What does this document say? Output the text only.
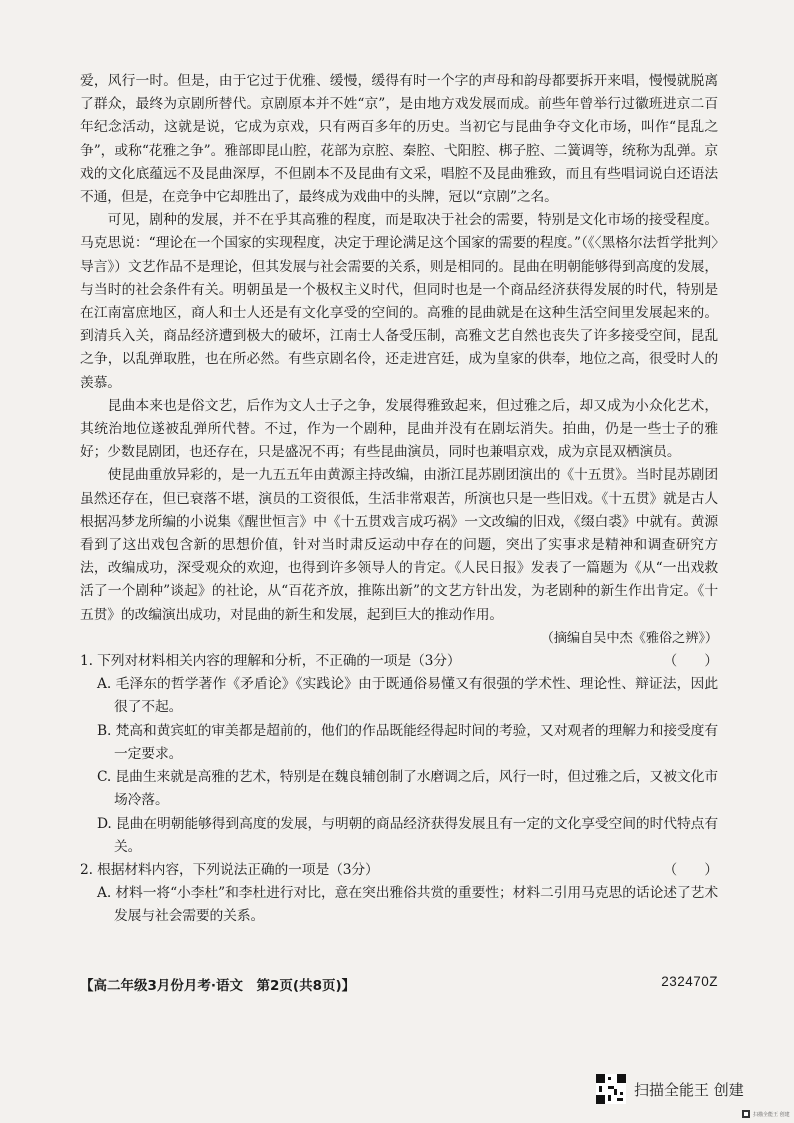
爱，风行一时。但是，由于它过于优雅、缓慢，缓得有时一个字的声母和韵母都要拆开来唱，慢慢就脱离了群众，最终为京剧所替代。京剧原本并不姓“京”，是由地方戏发展而成。前些年曾举行过徽班进京二百年纪念活动，这就是说，它成为京戏，只有两百多年的历史。当初它与昆曲争夺文化市场，叫作“昆乱之争”，或称“花雅之争”。雅部即昆山腔，花部为京腔、秦腔、弋阳腔、梆子腔、二簧调等，统称为乱弹。京戏的文化底蕴远不及昆曲深厚，不但剧本不及昆曲有文采，唱腔不及昆曲雅致，而且有些唱词说白还语法不通，但是，在竞争中它却胜出了，最终成为戏曲中的头牌，冠以“京剧”之名。

可见，剧种的发展，并不在乎其高雅的程度，而是取决于社会的需要，特别是文化市场的接受程度。马克思说：“理论在一个国家的实现程度，决定于理论满足这个国家的需要的程度。”（《〈黑格尔法哲学批判〉导言》）文艺作品不是理论，但其发展与社会需要的关系，则是相同的。昆曲在明朝能够得到高度的发展，与当时的社会条件有关。明朝虽是一个极权主义时代，但同时也是一个商品经济获得发展的时代，特别是在江南富庶地区，商人和士人还是有文化享受的空间的。高雅的昆曲就是在这种生活空间里发展起来的。到清兵入关，商品经济遭到极大的破坏，江南士人备受压制，高雅文艺自然也丧失了许多接受空间，昆乱之争，以乱弹取胜，也在所必然。有些京剧名伶，还走进宫廷，成为皇家的供奉，地位之高，很受时人的羡慕。

昆曲本来也是俗文艺，后作为文人士子之争，发展得雅致起来，但过雅之后，却又成为小众化艺术，其统治地位遂被乱弹所代替。不过，作为一个剧种，昆曲并没有在剧坛消失。拍曲，仍是一些士子的雅好；少数昆剧团，也还存在，只是盛况不再；有些昆曲演员，同时也兼唱京戏，成为京昆双栖演员。

使昆曲重放异彩的，是一九五五年由黄源主持改编，由浙江昆苏剧团演出的《十五贯》。当时昆苏剧团虽然还存在，但已衰落不堪，演员的工资很低，生活非常艰苦，所演也只是一些旧戏。《十五贯》就是古人根据冯梦龙所编的小说集《醒世恒言》中《十五贯戏言成巧祸》一文改编的旧戏，《缀白裘》中就有。黄源看到了这出戏包含新的思想价值，针对当时肃反运动中存在的问题，突出了实事求是精神和调查研究方法，改编成功，深受观众的欢迎，也得到许多领导人的肯定。《人民日报》发表了一篇题为《从“一出戏救活了一个剧种”谈起》的社论，从“百花齐放，推陈出新”的文艺方针出发，为老剧种的新生作出肯定。《十五贯》的改编演出成功，对昆曲的新生和发展，起到巨大的推动作用。

（摘编自吴中杰《雅俗之辨》）

1. 下列对材料相关内容的理解和分析，不正确的一项是（3分）	（　　）

A. 毛泽东的哲学著作《矛盾论》《实践论》由于既通俗易懂又有很强的学术性、理论性、辩证法，因此很了不起。

B. 梵高和黄宾虹的审美都是超前的，他们的作品既能经得起时间的考验，又对观者的理解力和接受度有一定要求。

C. 昆曲生来就是高雅的艺术，特别是在魏良辅创制了水磨调之后，风行一时，但过雅之后，又被文化市场冷落。

D. 昆曲在明朝能够得到高度的发展，与明朝的商品经济获得发展且有一定的文化享受空间的时代特点有关。

2. 根据材料内容，下列说法正确的一项是（3分）	（　　）

A. 材料一将“小李杜”和李杜进行对比，意在突出雅俗共赏的重要性；材料二引用马克思的话论述了艺术发展与社会需要的关系。

【高二年级3月份月考·语文　第2页(共8页)】	232470Z
扫描全能王 创建
扫描全能王 创建
